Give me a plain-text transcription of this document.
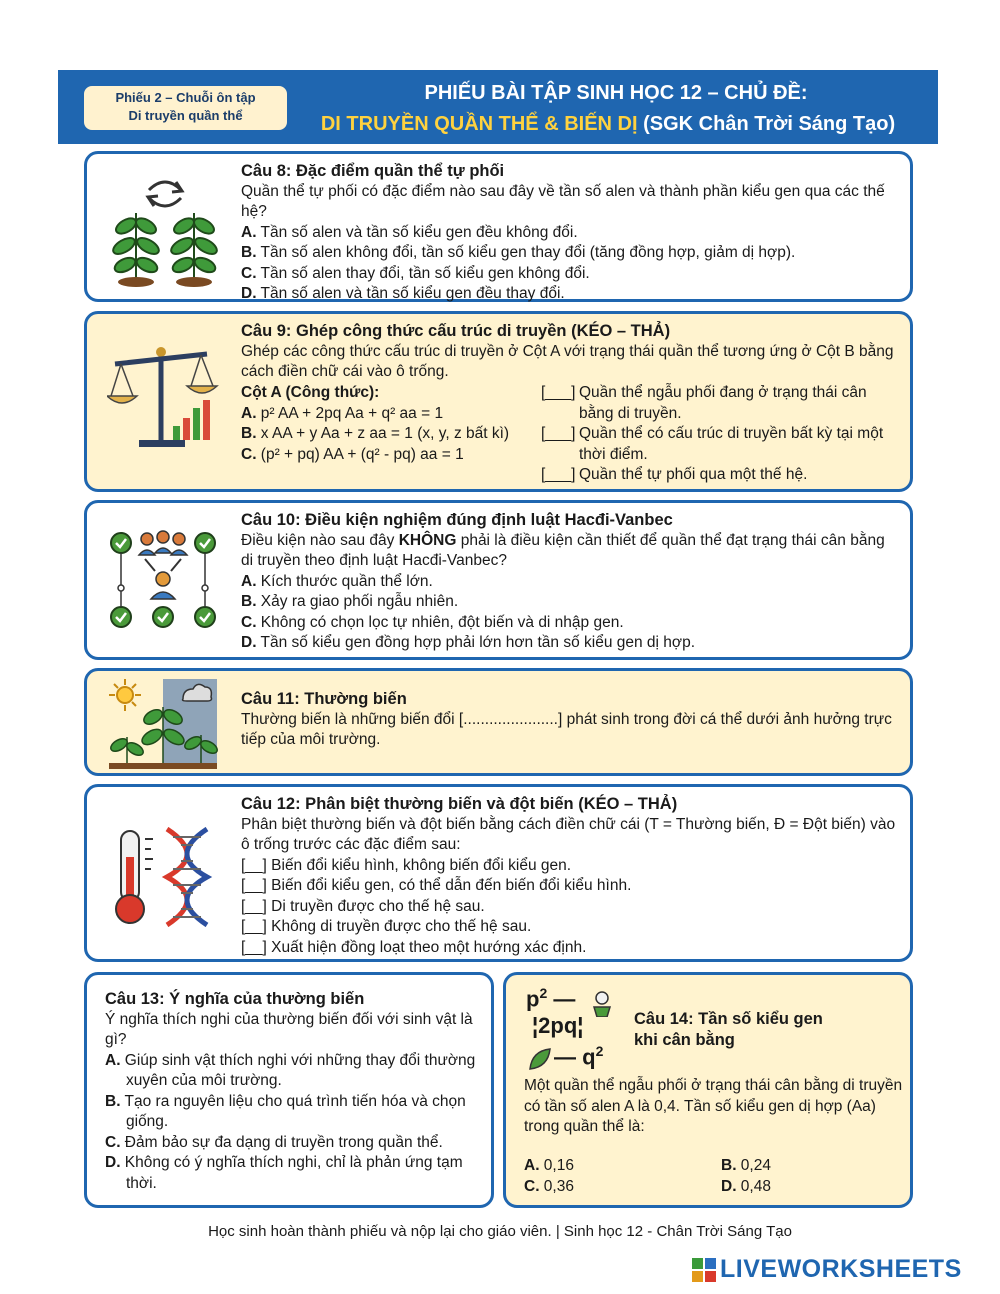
Phiếu 2 – Chuỗi ôn tập
Di truyền quần thể
PHIẾU BÀI TẬP SINH HỌC 12 – CHỦ ĐỀ:
DI TRUYỀN QUẦN THỂ & BIẾN DỊ (SGK Chân Trời Sáng Tạo)
Câu 8: Đặc điểm quần thể tự phối
Quần thể tự phối có đặc điểm nào sau đây về tần số alen và thành phần kiểu gen qua các thế hệ?
A. Tần số alen và tần số kiểu gen đều không đổi.
B. Tần số alen không đổi, tần số kiểu gen thay đổi (tăng đồng hợp, giảm dị hợp).
C. Tần số alen thay đổi, tần số kiểu gen không đổi.
D. Tần số alen và tần số kiểu gen đều thay đổi.
Câu 9: Ghép công thức cấu trúc di truyền (KÉO – THẢ)
Ghép các công thức cấu trúc di truyền ở Cột A với trạng thái quần thể tương ứng ở Cột B bằng cách điền chữ cái vào ô trống.
Cột A (Công thức):
A. p² AA + 2pq Aa + q² aa = 1
B. x AA + y Aa + z aa = 1 (x, y, z bất kì)
C. (p² + pq) AA + (q² - pq) aa = 1
[___] Quần thể ngẫu phối đang ở trạng thái cân bằng di truyền.
[___] Quần thể có cấu trúc di truyền bất kỳ tại một thời điểm.
[___] Quần thể tự phối qua một thế hệ.
Câu 10: Điều kiện nghiệm đúng định luật Hacđi-Vanbec
Điều kiện nào sau đây KHÔNG phải là điều kiện cần thiết để quần thể đạt trạng thái cân bằng di truyền theo định luật Hacđi-Vanbec?
A. Kích thước quần thể lớn.
B. Xảy ra giao phối ngẫu nhiên.
C. Không có chọn lọc tự nhiên, đột biến và di nhập gen.
D. Tần số kiểu gen đồng hợp phải lớn hơn tần số kiểu gen dị hợp.
Câu 11: Thường biến
Thường biến là những biến đổi [......................] phát sinh trong đời cá thể dưới ảnh hưởng trực tiếp của môi trường.
Câu 12: Phân biệt thường biến và đột biến (KÉO – THẢ)
Phân biệt thường biến và đột biến bằng cách điền chữ cái (T = Thường biến, Đ = Đột biến) vào ô trống trước các đặc điểm sau:
[__] Biến đổi kiểu hình, không biến đổi kiểu gen.
[__] Biến đổi kiểu gen, có thể dẫn đến biến đổi kiểu hình.
[__] Di truyền được cho thế hệ sau.
[__] Không di truyền được cho thế hệ sau.
[__] Xuất hiện đồng loạt theo một hướng xác định.
Câu 13: Ý nghĩa của thường biến
Ý nghĩa thích nghi của thường biến đối với sinh vật là gì?
A. Giúp sinh vật thích nghi với những thay đổi thường xuyên của môi trường.
B. Tạo ra nguyên liệu cho quá trình tiến hóa và chọn giống.
C. Đảm bảo sự đa dạng di truyền trong quần thể.
D. Không có ý nghĩa thích nghi, chỉ là phản ứng tạm thời.
$p^2$ —
¦2pq¦
— $q^2$
Câu 14: Tần số kiểu gen
khi cân bằng
Một quần thể ngẫu phối ở trạng thái cân bằng di truyền có tần số alen A là 0,4. Tần số kiểu gen dị hợp (Aa) trong quần thể là:
A. 0,16
C. 0,36
B. 0,24
D. 0,48
Học sinh hoàn thành phiếu và nộp lại cho giáo viên. | Sinh học 12 - Chân Trời Sáng Tạo
LIVEWORKSHEETS
